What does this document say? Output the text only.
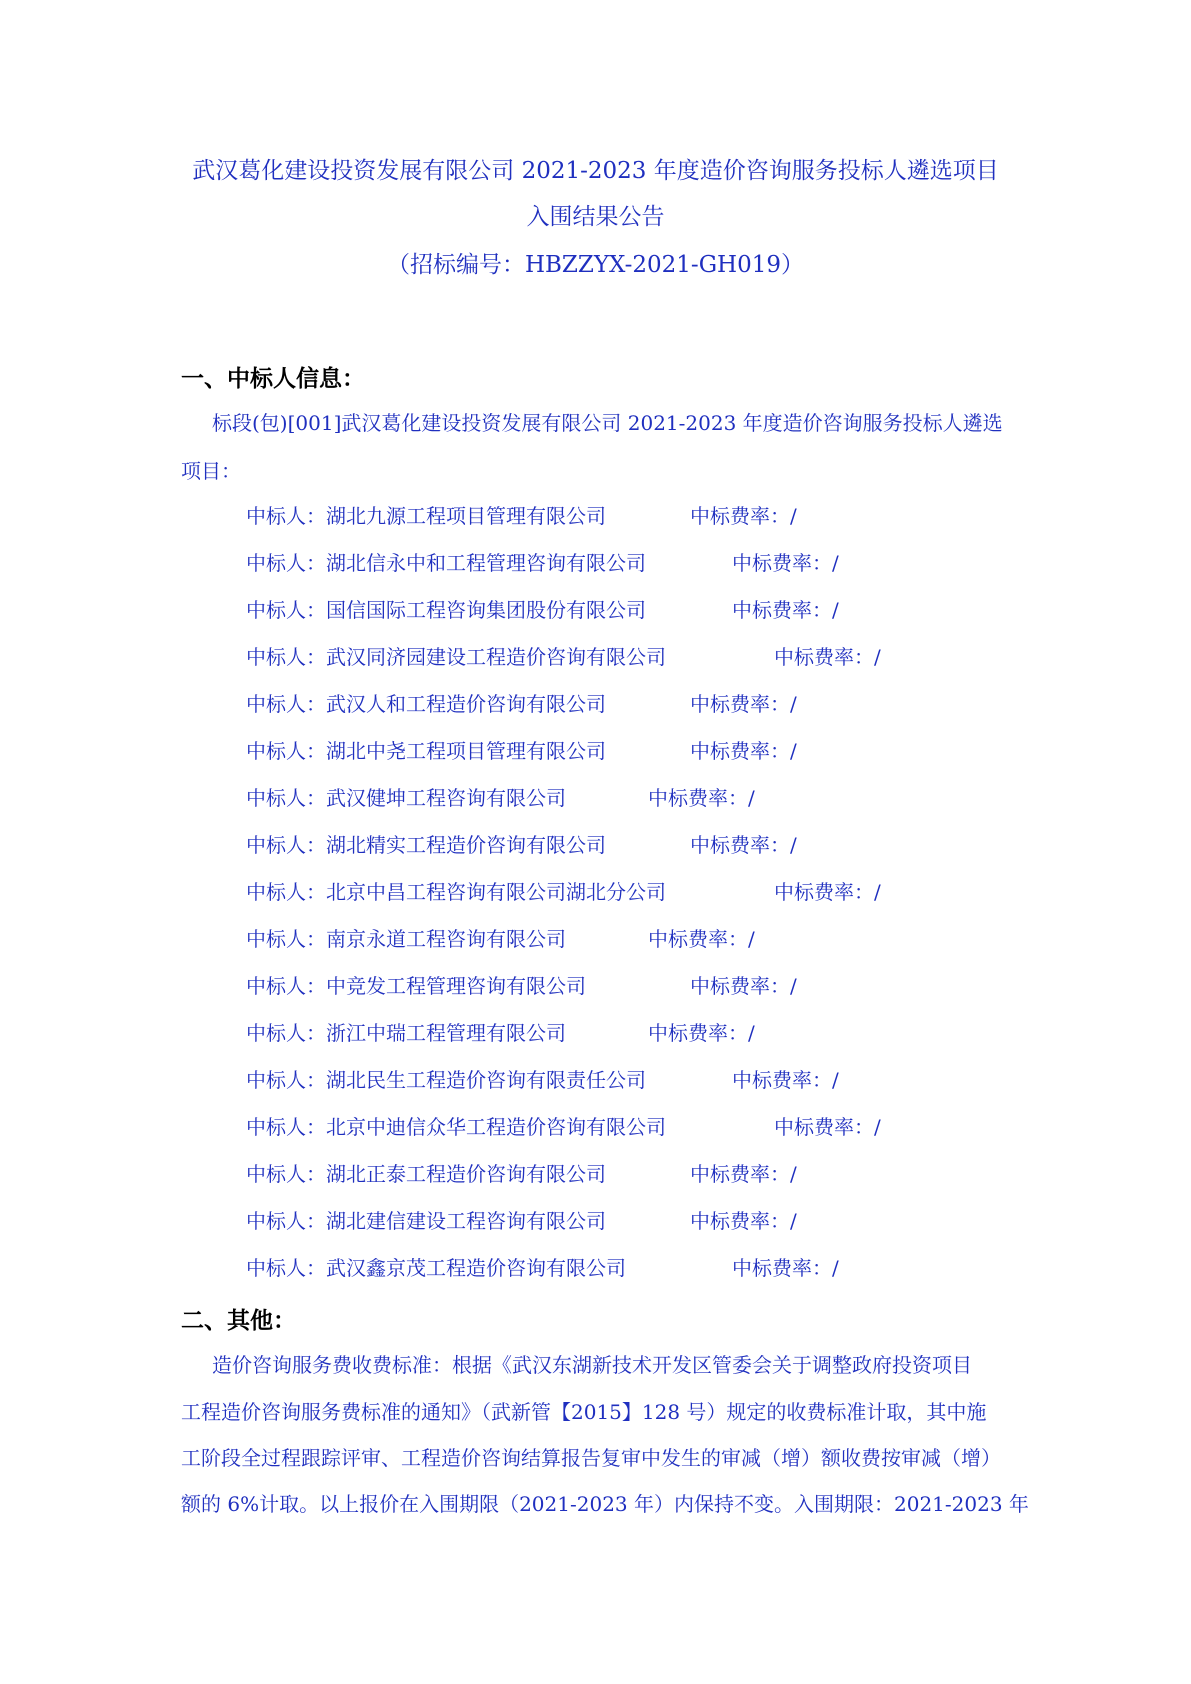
武汉葛化建设投资发展有限公司 2021-2023 年度造价咨询服务投标人遴选项目
入围结果公告
（招标编号：HBZZYX-2021-GH019）
一、中标人信息：
标段(包)[001]武汉葛化建设投资发展有限公司 2021-2023 年度造价咨询服务投标人遴选
项目：
中标人：湖北九源工程项目管理有限公司	中标费率：/
中标人：湖北信永中和工程管理咨询有限公司	中标费率：/
中标人：国信国际工程咨询集团股份有限公司	中标费率：/
中标人：武汉同济园建设工程造价咨询有限公司	中标费率：/
中标人：武汉人和工程造价咨询有限公司	中标费率：/
中标人：湖北中尧工程项目管理有限公司	中标费率：/
中标人：武汉健坤工程咨询有限公司	中标费率：/
中标人：湖北精实工程造价咨询有限公司	中标费率：/
中标人：北京中昌工程咨询有限公司湖北分公司	中标费率：/
中标人：南京永道工程咨询有限公司	中标费率：/
中标人：中竞发工程管理咨询有限公司	中标费率：/
中标人：浙江中瑞工程管理有限公司	中标费率：/
中标人：湖北民生工程造价咨询有限责任公司	中标费率：/
中标人：北京中迪信众华工程造价咨询有限公司	中标费率：/
中标人：湖北正泰工程造价咨询有限公司	中标费率：/
中标人：湖北建信建设工程咨询有限公司	中标费率：/
中标人：武汉鑫京茂工程造价咨询有限公司	中标费率：/
二、其他：
造价咨询服务费收费标准：根据《武汉东湖新技术开发区管委会关于调整政府投资项目
工程造价咨询服务费标准的通知》（武新管【2015】128 号）规定的收费标准计取，其中施
工阶段全过程跟踪评审、工程造价咨询结算报告复审中发生的审减（增）额收费按审减（增）
额的 6%计取。以上报价在入围期限（2021-2023 年）内保持不变。入围期限：2021-2023 年
